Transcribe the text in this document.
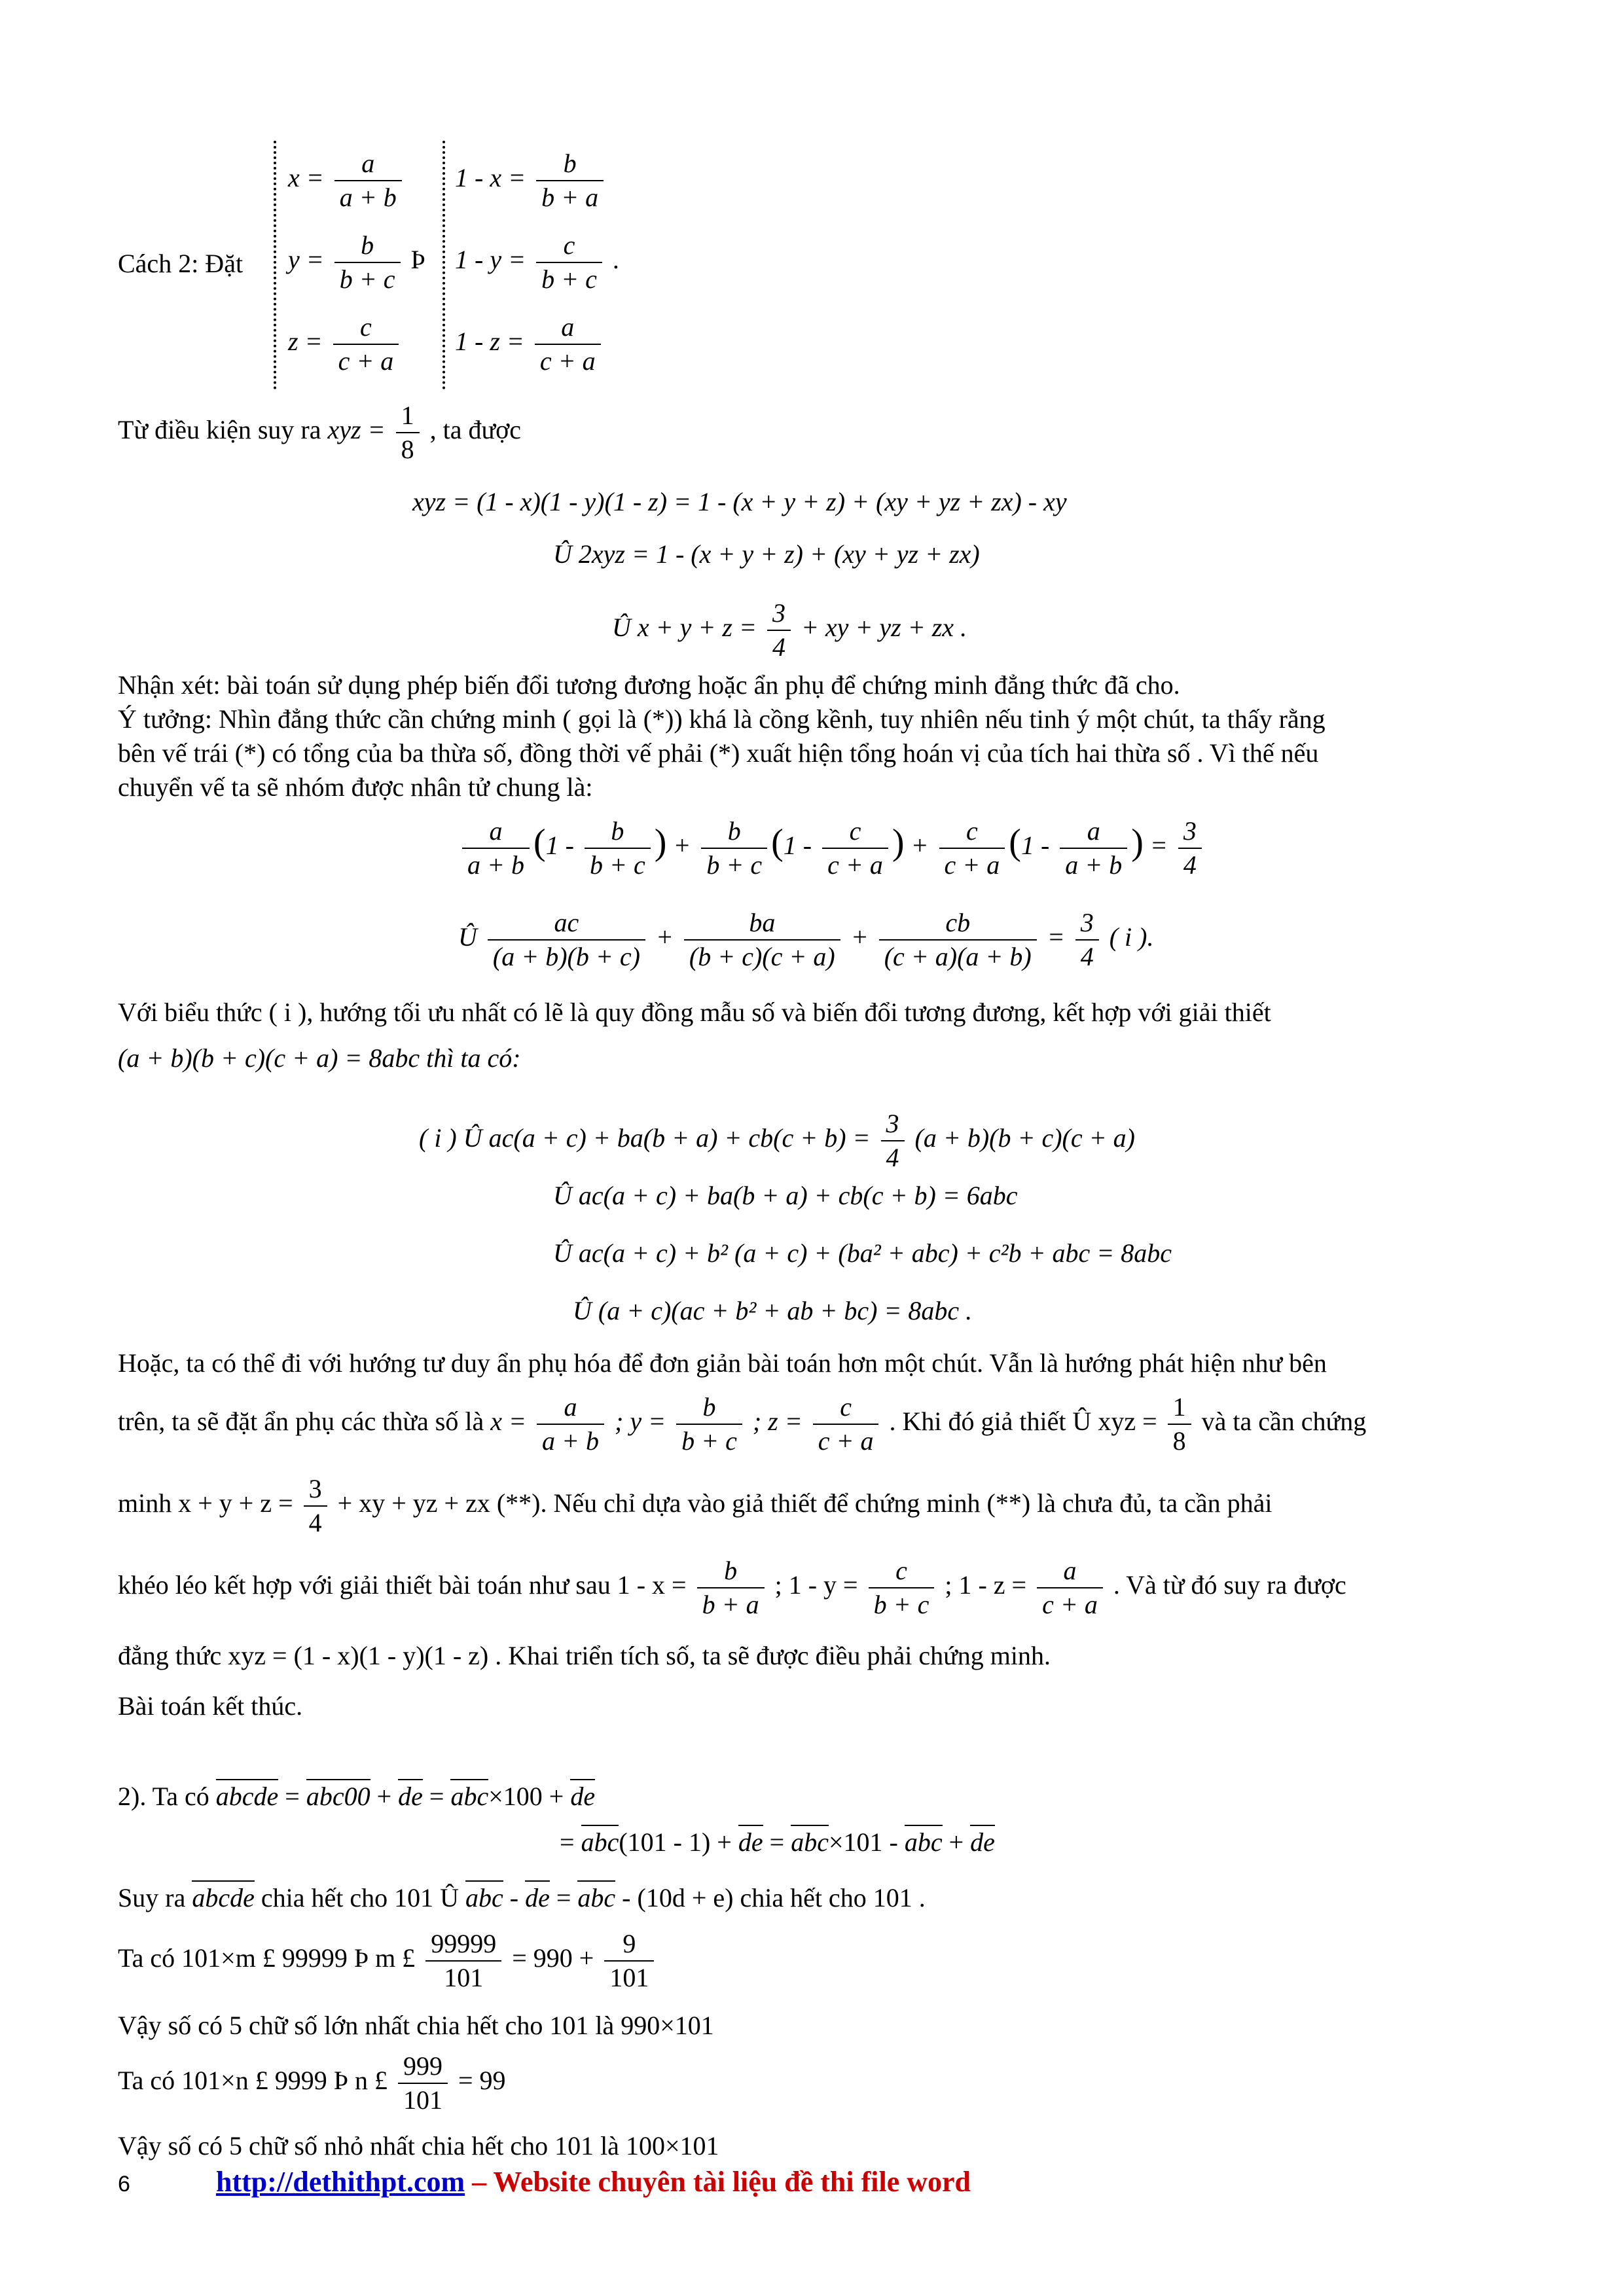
Cách 2: Đặt
$x = \frac{a}{a + b}$
$y = \frac{b}{b + c}$ Þ
$z = \frac{c}{c + a}$
$1 - x = \frac{b}{b + a}$
$1 - y = \frac{c}{b + c}$ .
$1 - z = \frac{a}{c + a}$
Từ điều kiện suy ra xyz = $\frac{1}{8}$ , ta được
xyz = (1 - x)(1 - y)(1 - z) = 1 - (x + y + z) + (xy + yz + zx) - xy
Û 2xyz = 1 - (x + y + z) + (xy + yz + zx)
Û $x + y + z = \frac{3}{4}$ + xy + yz + zx .
Nhận xét: bài toán sử dụng phép biến đổi tương đương hoặc ẩn phụ để chứng minh đẳng thức đã cho.
Ý tưởng: Nhìn đẳng thức cần chứng minh ( gọi là (*)) khá là cồng kềnh, tuy nhiên nếu tinh ý một chút, ta thấy rằng
bên vế trái (*) có tổng của ba thừa số, đồng thời vế phải (*) xuất hiện tổng hoán vị của tích hai thừa số . Vì thế nếu
chuyển vế ta sẽ nhóm được nhân tử chung là:
$\frac{a}{a + b} (1 - \frac{b}{b + c}$ ) + $\frac{b}{b + c} (1 - \frac{c}{c + a}$ ) + $\frac{c}{c + a} (1 - \frac{a}{a + b}$ ) = $\frac{3}{4}$
Û $\frac{ac}{(a + b)(b + c)} + \frac{ba}{(b + c)(c + a)} + \frac{cb}{(c + a)(a + b)} = \frac{3}{4}$ ( i ).
Với biểu thức ( i ), hướng tối ưu nhất có lẽ là quy đồng mẫu số và biến đổi tương đương, kết hợp với giải thiết
(a + b)(b + c)(c + a) = 8abc thì ta có:
( i ) Û $ac(a + c) + ba(b + a) + cb(c + b) = \frac{3}{4} (a + b)(b + c)(c + a)$
Û ac(a + c) + ba(b + a) + cb(c + b) = 6abc
Û ac(a + c) + b² (a + c) + (ba² + abc) + c²b + abc = 8abc
Û (a + c)(ac + b² + ab + bc) = 8abc .
Hoặc, ta có thể đi với hướng tư duy ẩn phụ hóa để đơn giản bài toán hơn một chút. Vẫn là hướng phát hiện như bên
trên, ta sẽ đặt ẩn phụ các thừa số là $x = \frac{a}{a + b}$ ; $y = \frac{b}{b + c}$ ; $z = \frac{c}{c + a}$ . Khi đó giả thiết Û xyz = $\frac{1}{8}$ và ta cần chứng
minh $x + y + z = \frac{3}{4}$ + xy + yz + zx (**). Nếu chỉ dựa vào giả thiết để chứng minh (**) là chưa đủ, ta cần phải
khéo léo kết hợp với giải thiết bài toán như sau $1 - x = \frac{b}{b + a}$ ; $1 - y = \frac{c}{b + c}$ ; $1 - z = \frac{a}{c + a}$ . Và từ đó suy ra được
đẳng thức xyz = (1 - x)(1 - y)(1 - z) . Khai triển tích số, ta sẽ được điều phải chứng minh.
Bài toán kết thúc.
2). Ta có abcde = abc00 + de = abc×100 + de
= abc(101 - 1) + de = abc×101 - abc + de
Suy ra abcde chia hết cho 101 Û abc - de = abc - (10d + e) chia hết cho 101 .
Ta có 101×m £ 99999 Þ m £ $\frac{99999}{101} = 990 + \frac{9}{101}$
Vậy số có 5 chữ số lớn nhất chia hết cho 101 là 990×101
Ta có 101×n £ 9999 Þ n £ $\frac{999}{101} = 99$
Vậy số có 5 chữ số nhỏ nhất chia hết cho 101 là 100×101
6	http://dethithpt.com – Website chuyên tài liệu đề thi file word
